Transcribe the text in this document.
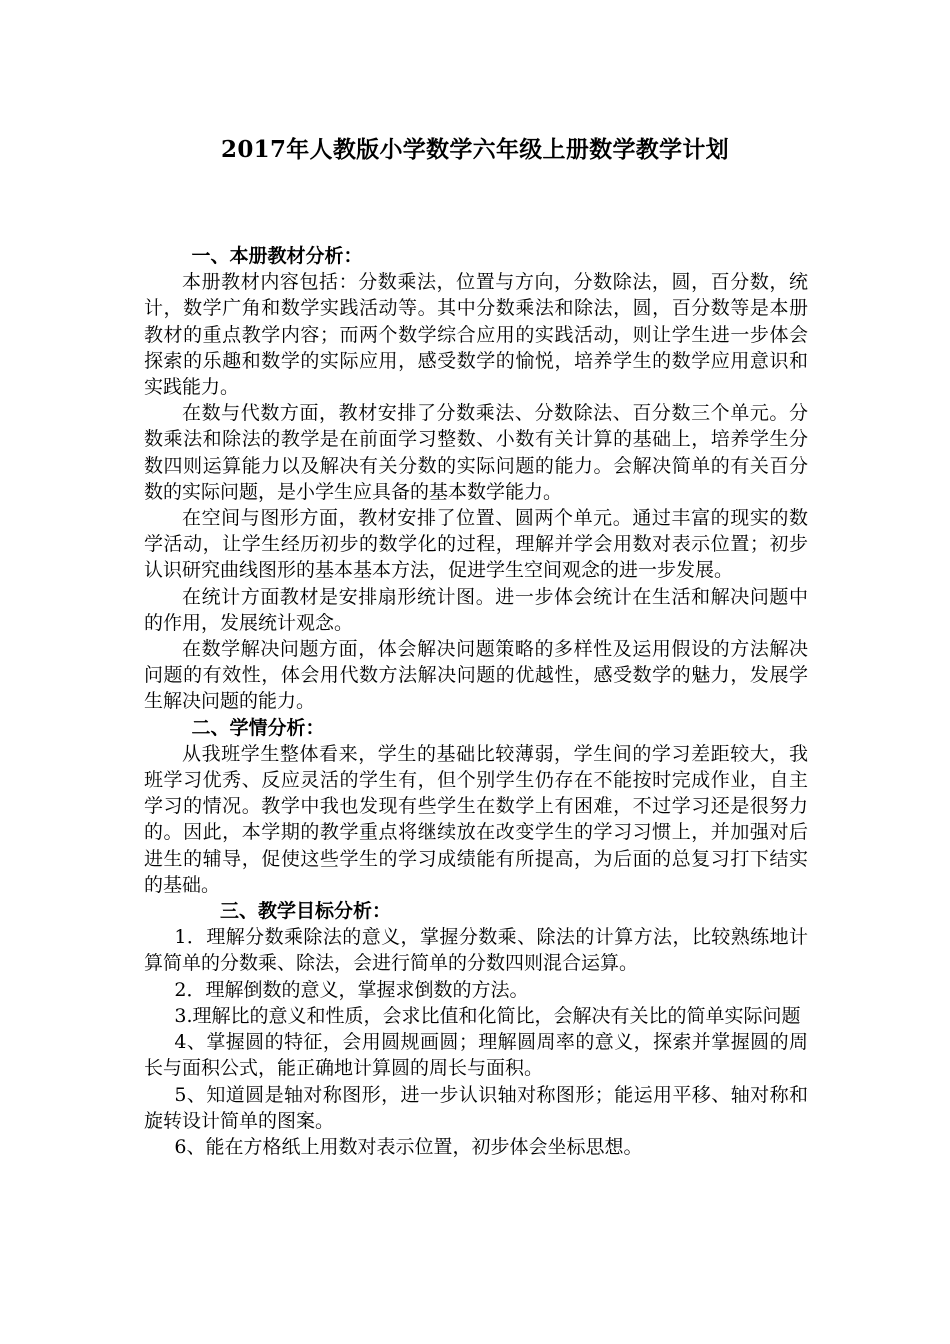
2017年人教版小学数学六年级上册数学教学计划

一、本册教材分析：

本册教材内容包括：分数乘法，位置与方向，分数除法，圆，百分数，统计，数学广角和数学实践活动等。其中分数乘法和除法，圆，百分数等是本册教材的重点教学内容；而两个数学综合应用的实践活动，则让学生进一步体会探索的乐趣和数学的实际应用，感受数学的愉悦，培养学生的数学应用意识和实践能力。

在数与代数方面，教材安排了分数乘法、分数除法、百分数三个单元。分数乘法和除法的教学是在前面学习整数、小数有关计算的基础上，培养学生分数四则运算能力以及解决有关分数的实际问题的能力。会解决简单的有关百分数的实际问题，是小学生应具备的基本数学能力。

在空间与图形方面，教材安排了位置、圆两个单元。通过丰富的现实的数学活动，让学生经历初步的数学化的过程，理解并学会用数对表示位置；初步认识研究曲线图形的基本基本方法，促进学生空间观念的进一步发展。

在统计方面教材是安排扇形统计图。进一步体会统计在生活和解决问题中的作用，发展统计观念。

在数学解决问题方面，体会解决问题策略的多样性及运用假设的方法解决问题的有效性，体会用代数方法解决问题的优越性，感受数学的魅力，发展学生解决问题的能力。

二、学情分析：

从我班学生整体看来，学生的基础比较薄弱，学生间的学习差距较大，我班学习优秀、反应灵活的学生有，但个别学生仍存在不能按时完成作业，自主学习的情况。教学中我也发现有些学生在数学上有困难，不过学习还是很努力的。因此，本学期的教学重点将继续放在改变学生的学习习惯上，并加强对后进生的辅导，促使这些学生的学习成绩能有所提高，为后面的总复习打下结实的基础。

三、教学目标分析：

1．理解分数乘除法的意义，掌握分数乘、除法的计算方法，比较熟练地计算简单的分数乘、除法，会进行简单的分数四则混合运算。

2．理解倒数的意义，掌握求倒数的方法。

3.理解比的意义和性质，会求比值和化简比，会解决有关比的简单实际问题

4、掌握圆的特征，会用圆规画圆；理解圆周率的意义，探索并掌握圆的周长与面积公式，能正确地计算圆的周长与面积。

5、知道圆是轴对称图形，进一步认识轴对称图形；能运用平移、轴对称和旋转设计简单的图案。

6、能在方格纸上用数对表示位置，初步体会坐标思想。
